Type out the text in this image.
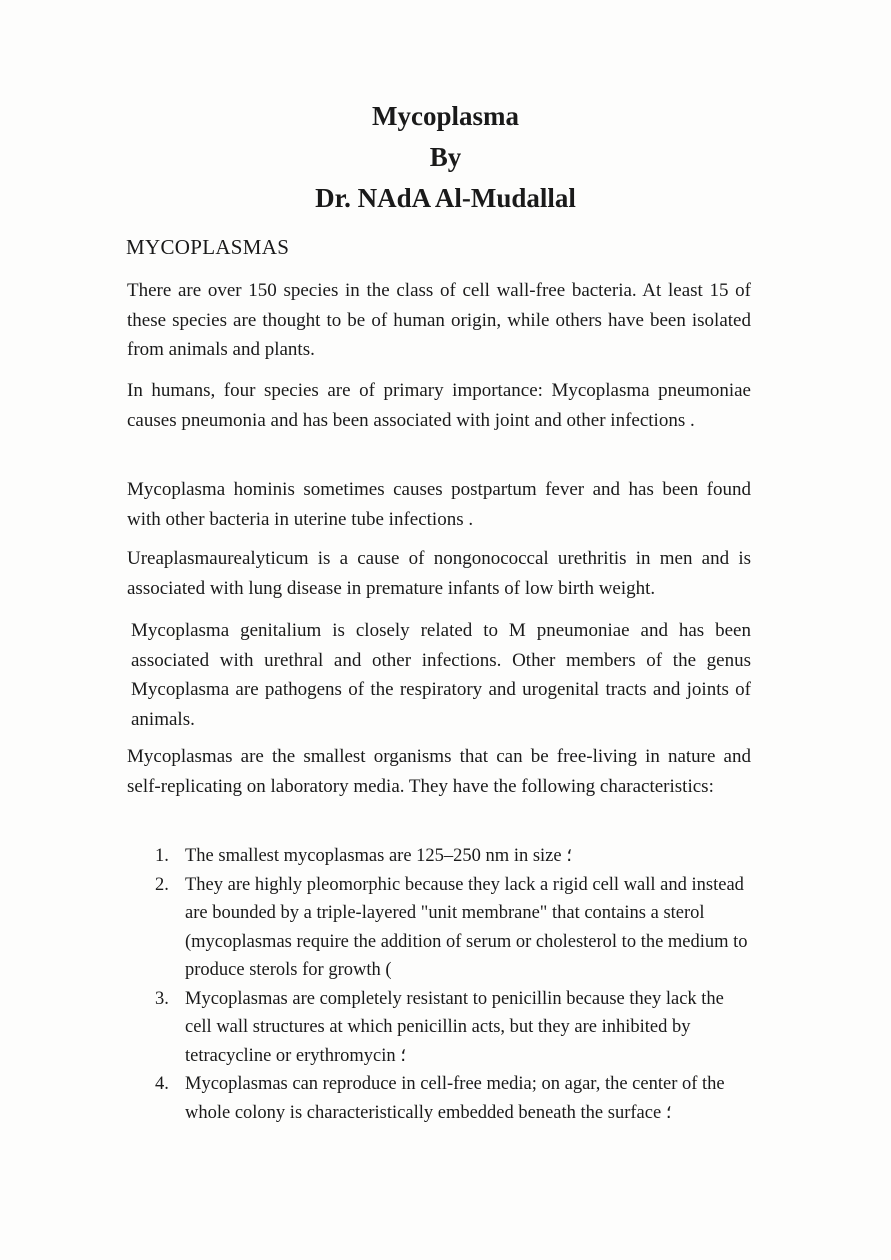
Mycoplasma
By
Dr. NAdA Al-Mudallal
MYCOPLASMAS

There are over 150 species in the class of cell wall-free bacteria. At least 15 of these species are thought to be of human origin, while others have been isolated from animals and plants.

In humans, four species are of primary importance: Mycoplasma pneumoniae causes pneumonia and has been associated with joint and other infections .

Mycoplasma hominis sometimes causes postpartum fever and has been found with other bacteria in uterine tube infections .

Ureaplasmaurealyticum is a cause of nongonococcal urethritis in men and is associated with lung disease in premature infants of low birth weight.

Mycoplasma genitalium is closely related to M pneumoniae and has been associated with urethral and other infections. Other members of the genus Mycoplasma are pathogens of the respiratory and urogenital tracts and joints of animals.

Mycoplasmas are the smallest organisms that can be free-living in nature and self-replicating on laboratory media. They have the following characteristics:

1. The smallest mycoplasmas are 125–250 nm in size ؛
2. They are highly pleomorphic because they lack a rigid cell wall and instead are bounded by a triple-layered "unit membrane" that contains a sterol (mycoplasmas require the addition of serum or cholesterol to the medium to produce sterols for growth (
3. Mycoplasmas are completely resistant to penicillin because they lack the cell wall structures at which penicillin acts, but they are inhibited by tetracycline or erythromycin ؛
4. Mycoplasmas can reproduce in cell-free media; on agar, the center of the whole colony is characteristically embedded beneath the surface ؛
